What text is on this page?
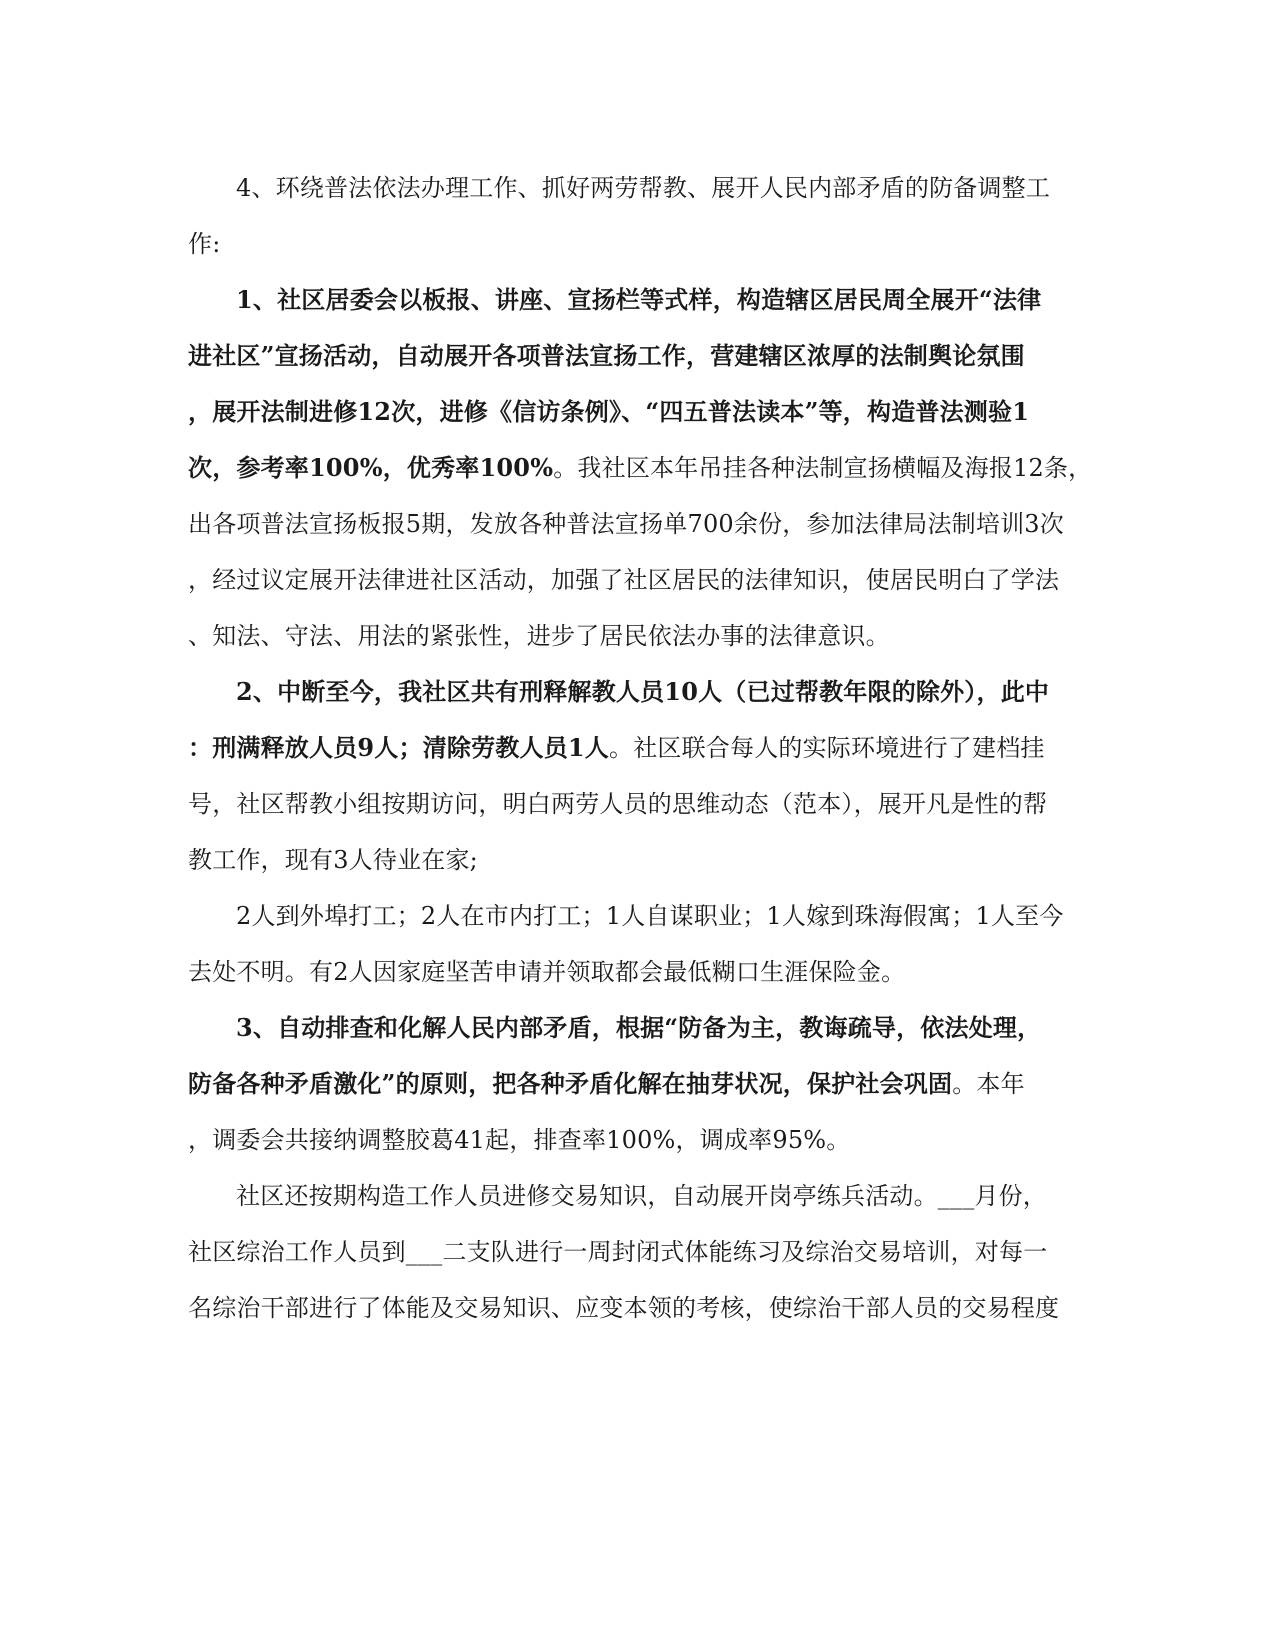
4、环绕普法依法办理工作、抓好两劳帮教、展开人民内部矛盾的防备调整工
作:
1、社区居委会以板报、讲座、宣扬栏等式样，构造辖区居民周全展开“法律
进社区”宣扬活动，自动展开各项普法宣扬工作，营建辖区浓厚的法制舆论氛围
，展开法制进修12次，进修《信访条例》、“四五普法读本”等，构造普法测验1
次，参考率100%，优秀率100%。我社区本年吊挂各种法制宣扬横幅及海报12条，
出各项普法宣扬板报5期，发放各种普法宣扬单700余份，参加法律局法制培训3次
，经过议定展开法律进社区活动，加强了社区居民的法律知识，使居民明白了学法
、知法、守法、用法的紧张性，进步了居民依法办事的法律意识。
2、中断至今，我社区共有刑释解教人员10人（已过帮教年限的除外），此中
：刑满释放人员9人；清除劳教人员1人。社区联合每人的实际环境进行了建档挂
号，社区帮教小组按期访问，明白两劳人员的思维动态（范本），展开凡是性的帮
教工作，现有3人待业在家;
2人到外埠打工；2人在市内打工；1人自谋职业；1人嫁到珠海假寓；1人至今
去处不明。有2人因家庭坚苦申请并领取都会最低糊口生涯保险金。
3、自动排查和化解人民内部矛盾，根据“防备为主，教诲疏导，依法处理，
防备各种矛盾激化”的原则，把各种矛盾化解在抽芽状况，保护社会巩固。本年
，调委会共接纳调整胶葛41起，排查率100%，调成率95%。
社区还按期构造工作人员进修交易知识，自动展开岗亭练兵活动。___月份，
社区综治工作人员到___二支队进行一周封闭式体能练习及综治交易培训，对每一
名综治干部进行了体能及交易知识、应变本领的考核，使综治干部人员的交易程度
